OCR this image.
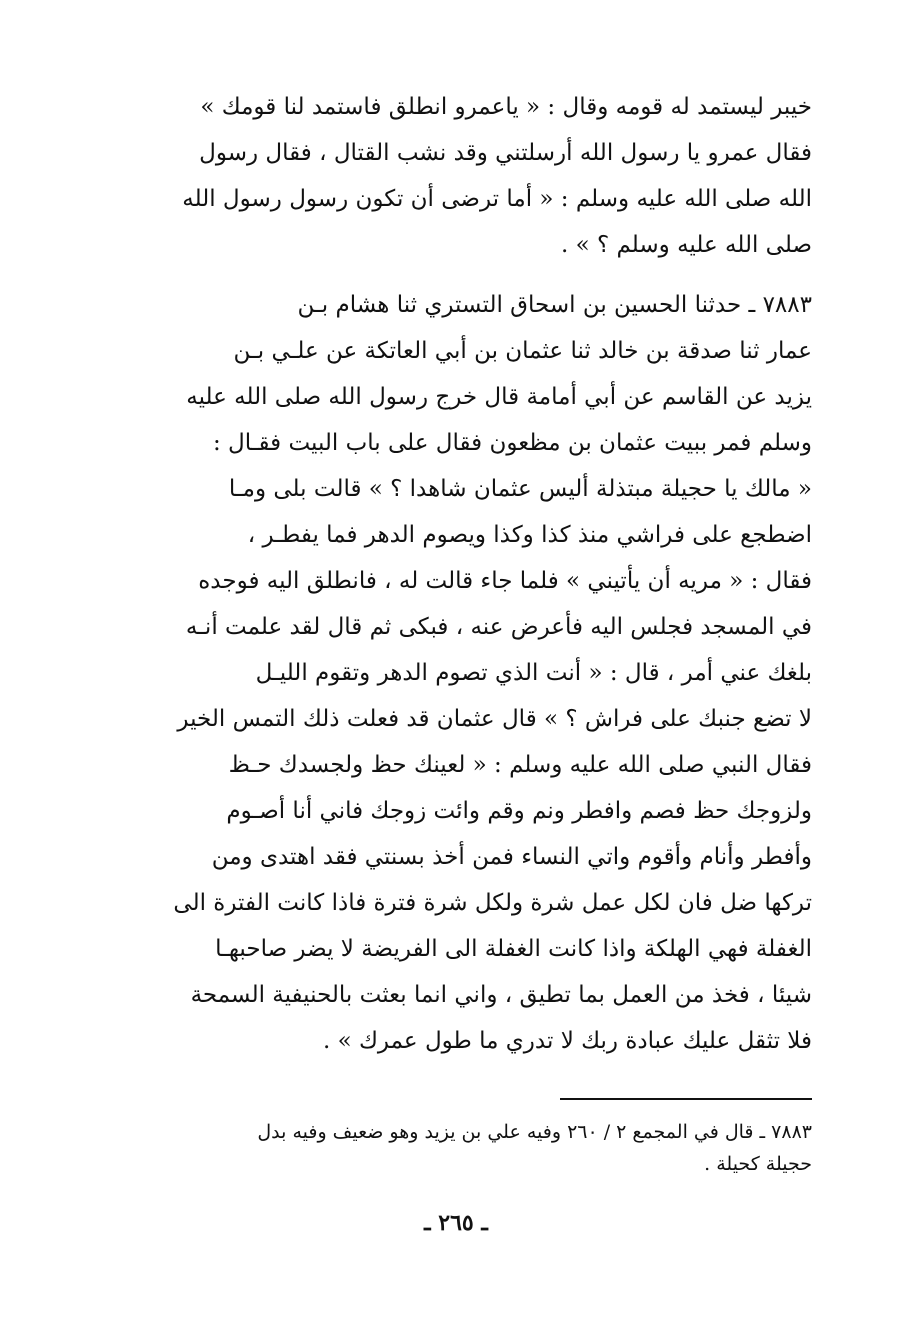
خيبر ليستمد له قومه وقال : « ياعمرو انطلق فاستمد لنا قومك »
فقال عمرو يا رسول الله أرسلتني وقد نشب القتال ، فقال رسول
الله صلى الله عليه وسلم : « أما ترضى أن تكون رسول رسول الله
صلى الله عليه وسلم ؟ » .
٧٨٨٣ ـ حدثنا الحسين بن اسحاق التستري ثنا هشام بـن
عمار ثنا صدقة بن خالد ثنا عثمان بن أبي العاتكة عن علـي بـن
يزيد عن القاسم عن أبي أمامة قال خرج رسول الله صلى الله عليه
وسلم فمر ببيت عثمان بن مظعون فقال على باب البيت فقـال :
« مالك يا حجيلة مبتذلة أليس عثمان شاهدا ؟ » قالت بلى ومـا
اضطجع على فراشي منذ كذا وكذا ويصوم الدهر فما يفطـر ،
فقال : « مريه أن يأتيني » فلما جاء قالت له ، فانطلق اليه فوجده
في المسجد فجلس اليه فأعرض عنه ، فبكى ثم قال لقد علمت أنـه
بلغك عني أمر ، قال : « أنت الذي تصوم الدهر وتقوم الليـل
لا تضع جنبك على فراش ؟ » قال عثمان قد فعلت ذلك التمس الخير
فقال النبي صلى الله عليه وسلم : « لعينك حظ ولجسدك حـظ
ولزوجك حظ فصم وافطر ونم وقم وائت زوجك فاني أنا أصـوم
وأفطر وأنام وأقوم واتي النساء فمن أخذ بسنتي فقد اهتدى ومن
تركها ضل فان لكل عمل شرة ولكل شرة فترة فاذا كانت الفترة الى
الغفلة فهي الهلكة واذا كانت الغفلة الى الفريضة لا يضر صاحبهـا
شيئا ، فخذ من العمل بما تطيق ، واني انما بعثت بالحنيفية السمحة
فلا تثقل عليك عبادة ربك لا تدري ما طول عمرك » .
٧٨٨٣ ـ قال في المجمع ٢ / ٢٦٠ وفيه علي بن يزيد وهو ضعيف وفيه بدل
حجيلة كحيلة .
ـ ٢٦٥ ـ
